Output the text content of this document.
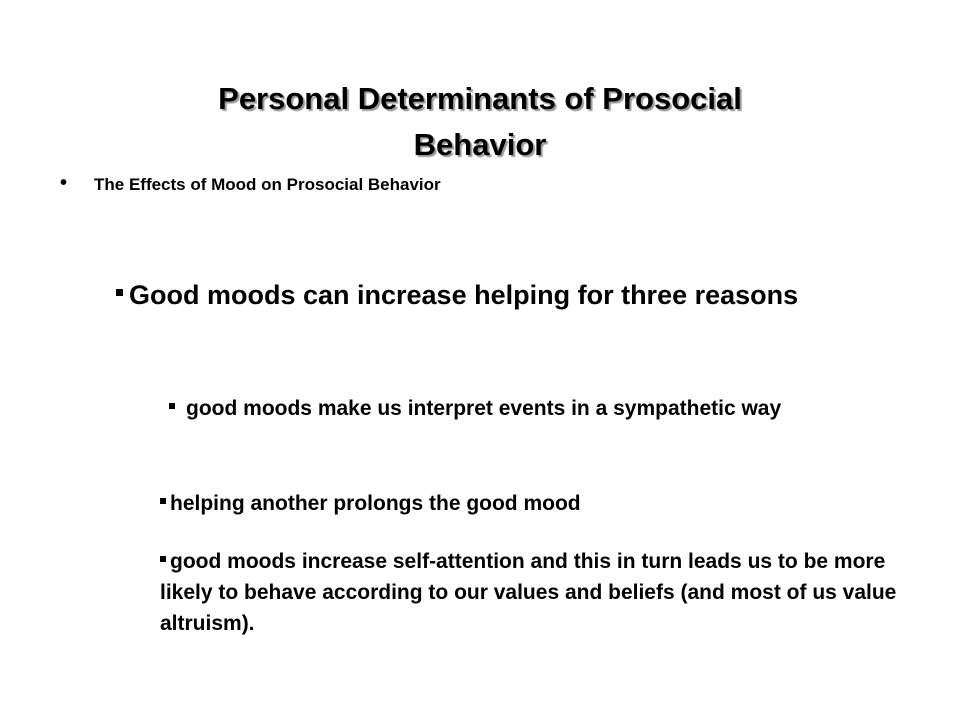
Personal Determinants of Prosocial Behavior
• The Effects of Mood on Prosocial Behavior

Good moods can increase helping for three reasons

good moods make us interpret events in a sympathetic way

helping another prolongs the good mood

good moods increase self-attention and this in turn leads us to be more likely to behave according to our values and beliefs (and most of us value altruism).
